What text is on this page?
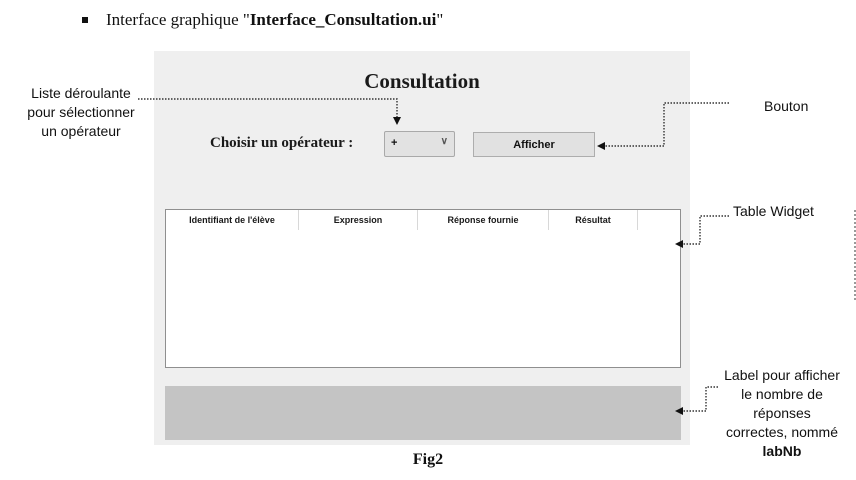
Interface graphique " Interface_Consultation.ui "
Consultation
Choisir un opérateur :	+	∨	Afficher
Identifiant de l'élève	Expression	Réponse fournie	Résultat
Fig2
Liste déroulante
pour sélectionner
un opérateur
Bouton
Table Widget
Label pour afficher
le nombre de
réponses
correctes, nommé
labNb
